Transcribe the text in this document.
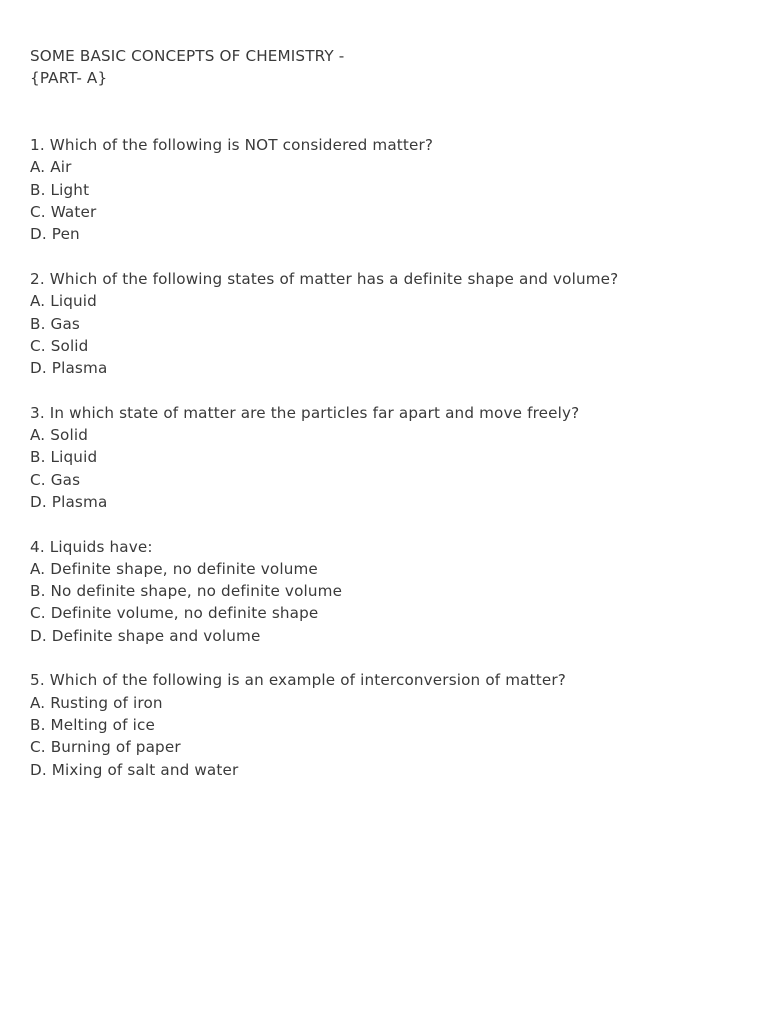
SOME BASIC CONCEPTS OF CHEMISTRY -

{PART- A}

1. Which of the following is NOT considered matter?

A. Air

B. Light

C. Water

D. Pen

2. Which of the following states of matter has a definite shape and volume?

A. Liquid

B. Gas

C. Solid

D. Plasma

3. In which state of matter are the particles far apart and move freely?

A. Solid

B. Liquid

C. Gas

D. Plasma

4. Liquids have:

A. Definite shape, no definite volume

B. No definite shape, no definite volume

C. Definite volume, no definite shape

D. Definite shape and volume

5. Which of the following is an example of interconversion of matter?

A. Rusting of iron

B. Melting of ice

C. Burning of paper

D. Mixing of salt and water
